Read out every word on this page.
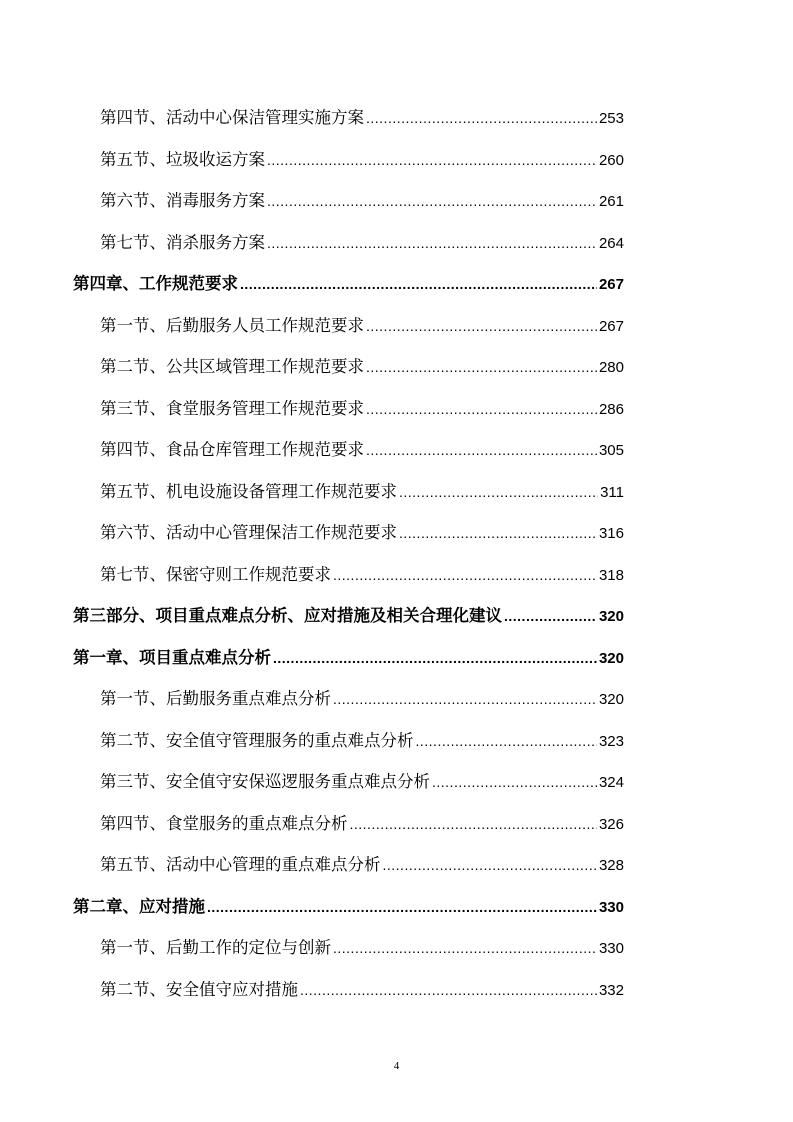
第四节、活动中心保洁管理实施方案 .....	253
第五节、垃圾收运方案 .....	260
第六节、消毒服务方案 .....	261
第七节、消杀服务方案 .....	264
第四章、工作规范要求 .....	267
第一节、后勤服务人员工作规范要求 .....	267
第二节、公共区域管理工作规范要求 .....	280
第三节、食堂服务管理工作规范要求 .....	286
第四节、食品仓库管理工作规范要求 .....	305
第五节、机电设施设备管理工作规范要求 .....	311
第六节、活动中心管理保洁工作规范要求 .....	316
第七节、保密守则工作规范要求 .....	318
第三部分、项目重点难点分析、应对措施及相关合理化建议 .....	320
第一章、项目重点难点分析 .....	320
第一节、后勤服务重点难点分析 .....	320
第二节、安全值守管理服务的重点难点分析 .....	323
第三节、安全值守安保巡逻服务重点难点分析 .....	324
第四节、食堂服务的重点难点分析 .....	326
第五节、活动中心管理的重点难点分析 .....	328
第二章、应对措施 .....	330
第一节、后勤工作的定位与创新 .....	330
第二节、安全值守应对措施 .....	332
4
